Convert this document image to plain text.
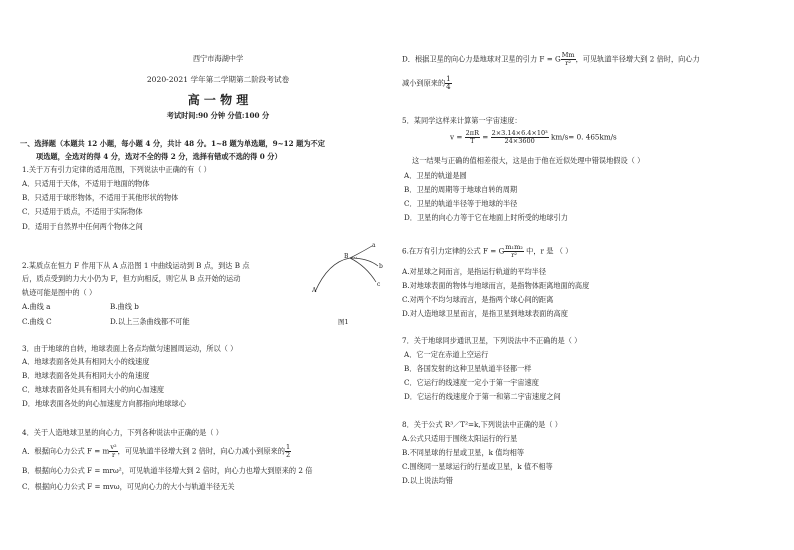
西宁市海湖中学
2020-2021 学年第二学期第二阶段考试卷
高 一 物 理
考试时间:90 分钟 分值:100 分
一、选择题（本题共 12 小题，每小题 4 分，共计 48 分。1~8 题为单选题，9~12 题为不定
项选题，全选对的得 4 分，选对不全的得 2 分，选择有错或不选的得 0 分）
1.关于万有引力定律的适用范围，下列说法中正确的有（ ）
A．只适用于天体，不适用于地面的物体
B．只适用于球形物体，不适用于其他形状的物体
C．只适用于质点，不适用于实际物体
D．适用于自然界中任何两个物体之间
2.某质点在恒力 F 作用下从 A 点沿图 1 中曲线运动到 B 点，到达 B 点
后，质点受到的力大小仍为 F，但方向相反，则它从 B 点开始的运动
轨迹可能是图中的（ ）
A.曲线 a	B.曲线 b
C.曲线 C	D.以上三条曲线都不可能
A
B
a
b
c
图1
3．由于地球的自转，地球表面上各点均做匀速圆周运动，所以（ ）
A．地球表面各处具有相同大小的线速度
B．地球表面各处具有相同大小的角速度
C．地球表面各处具有相同大小的向心加速度
D．地球表面各处的向心加速度方向都指向地球球心
4．关于人造地球卫星的向心力，下列各种说法中正确的是（ ）
A．根据向心力公式 F = m $\frac{\text{v²}}{r}$ ，可见轨道半径增大到 2 倍时，向心力减小到原来的 $\frac{1}{2}$
B．根据向心力公式 F = mrω²，可见轨道半径增大到 2 倍时，向心力也增大到原来的 2 倍
C．根据向心力公式 F = mvω，可见向心力的大小与轨道半径无关
D．根据卫星的向心力是地球对卫星的引力 F = G $\frac{Mm}{\text{r²}}$ ，可见轨道半径增大到 2 倍时，向心力
减小到原来的 $\frac{1}{4}$
5．某同学这样来计算第一宇宙速度：
$v = \frac{2\pi R}{T} = \frac{\text{2×3.14×6.4×10³}}{24\times 3600} km/s= 0$. 465km/s
这一结果与正确的值相差很大，这是由于他在近似处理中错误地假设（ ）
A．卫星的轨道是圆
B．卫星的周期等于地球自转的周期
C．卫星的轨道半径等于地球的半径
D．卫星的向心力等于它在地面上时所受的地球引力
6.在万有引力定律的公式 F = G $\frac{\text{m₁m₂}}{\text{r²}}$ 中，r 是 （ ）
A.对星球之间而言，是指运行轨道的平均半径
B.对地球表面的物体与地球而言，是指物体距离地面的高度
C.对两个不均匀球而言，是指两个球心间的距离
D.对人造地球卫星而言，是指卫星到地球表面的高度
7．关于地球同步通讯卫星，下列说法中不正确的是（ ）
A．它一定在赤道上空运行
B．各国发射的这种卫星轨道半径都一样
C．它运行的线速度一定小于第一宇宙速度
D．它运行的线速度介于第一和第二宇宙速度之间
8．关于公式 R³／T²=k,下列说法中正确的是（ ）
A.公式只适用于围绕太阳运行的行星
B.不同星球的行星或卫星，k 值均相等
C.围绕同一星球运行的行星或卫星，k 值不相等
D.以上说法均错
